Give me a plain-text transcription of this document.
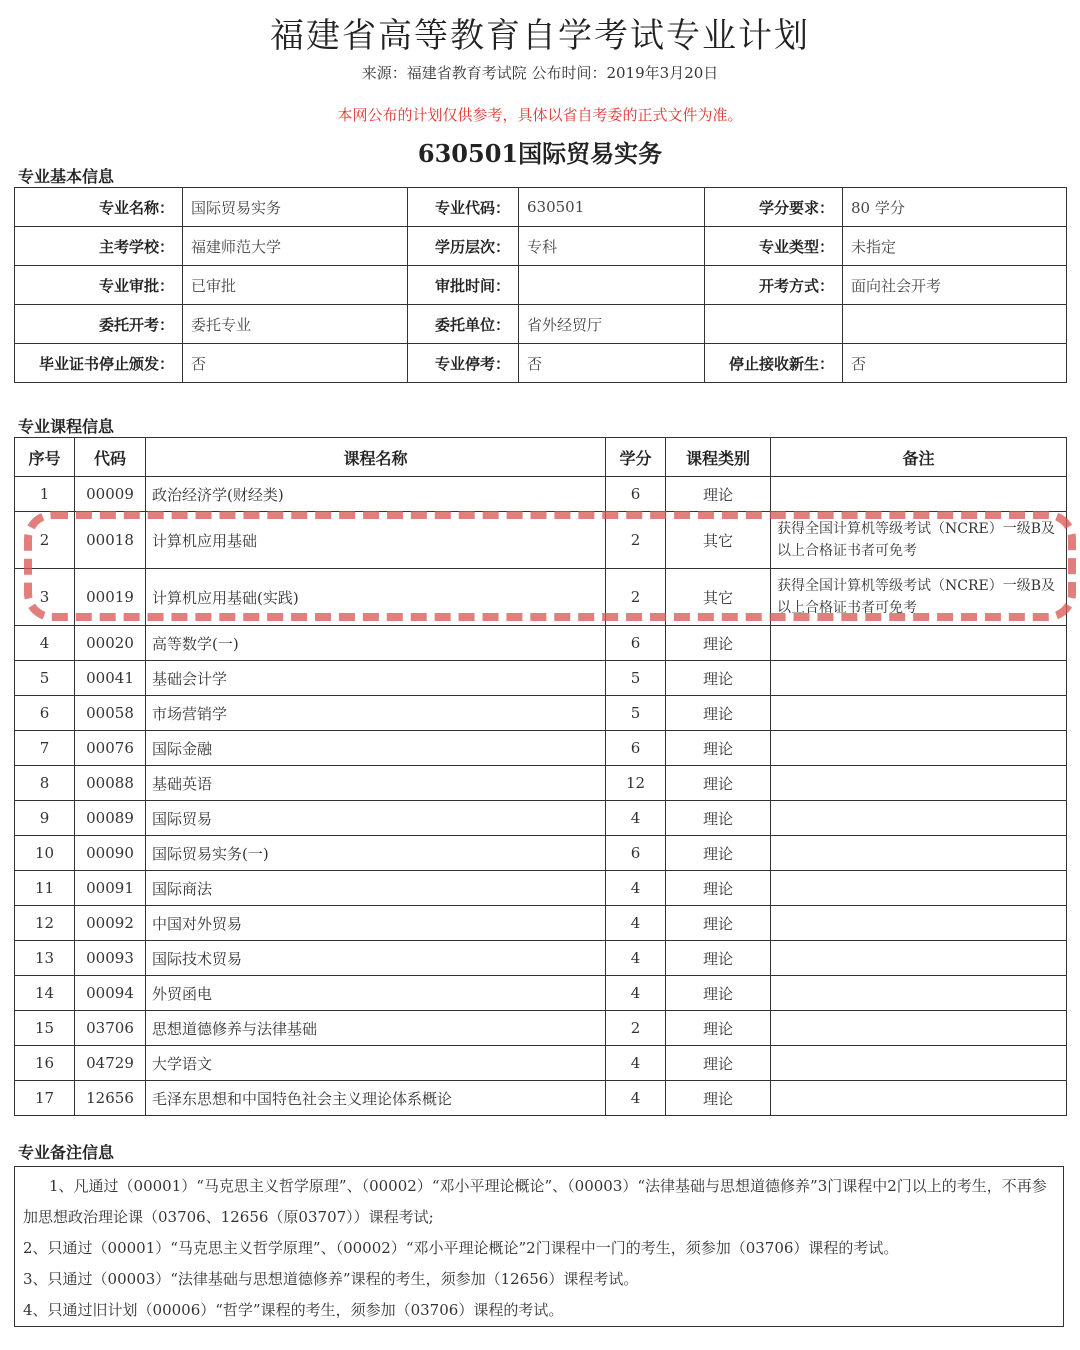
福建省高等教育自学考试专业计划
来源：福建省教育考试院 公布时间：2019年3月20日
本网公布的计划仅供参考，具体以省自考委的正式文件为准。
630501国际贸易实务
专业基本信息
专业名称：	国际贸易实务	专业代码：	630501	学分要求：	80 学分
主考学校：	福建师范大学	学历层次：	专科	专业类型：	未指定
专业审批：	已审批	审批时间：		开考方式：	面向社会开考
委托开考：	委托专业	委托单位：	省外经贸厅		
毕业证书停止颁发：	否	专业停考：	否	停止接收新生：	否
专业课程信息
序号	代码	课程名称	学分	课程类别	备注
1	00009	政治经济学(财经类)	6	理论	
2	00018	计算机应用基础	2	其它	获得全国计算机等级考试（NCRE）一级B及以上合格证书者可免考
3	00019	计算机应用基础(实践)	2	其它	获得全国计算机等级考试（NCRE）一级B及以上合格证书者可免考
4	00020	高等数学(一)	6	理论	
5	00041	基础会计学	5	理论	
6	00058	市场营销学	5	理论	
7	00076	国际金融	6	理论	
8	00088	基础英语	12	理论	
9	00089	国际贸易	4	理论	
10	00090	国际贸易实务(一)	6	理论	
11	00091	国际商法	4	理论	
12	00092	中国对外贸易	4	理论	
13	00093	国际技术贸易	4	理论	
14	00094	外贸函电	4	理论	
15	03706	思想道德修养与法律基础	2	理论	
16	04729	大学语文	4	理论	
17	12656	毛泽东思想和中国特色社会主义理论体系概论	4	理论	
专业备注信息

1、凡通过（00001）“马克思主义哲学原理”、（00002）“邓小平理论概论”、（00003）“法律基础与思想道德修养”3门课程中2门以上的考生，不再参加思想政治理论课（03706、12656（原03707））课程考试;

2、只通过（00001）“马克思主义哲学原理”、（00002）“邓小平理论概论”2门课程中一门的考生，须参加（03706）课程的考试。

3、只通过（00003）“法律基础与思想道德修养”课程的考生，须参加（12656）课程考试。

4、只通过旧计划（00006）“哲学”课程的考生，须参加（03706）课程的考试。
